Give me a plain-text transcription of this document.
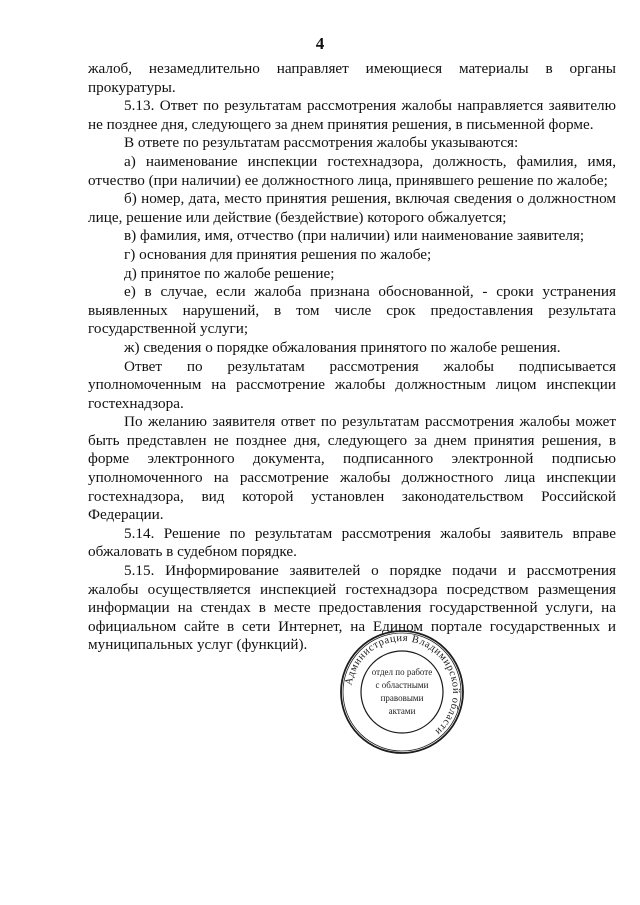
4

жалоб, незамедлительно направляет имеющиеся материалы в органы прокуратуры.

5.13. Ответ по результатам рассмотрения жалобы направляется заявителю не позднее дня, следующего за днем принятия решения, в письменной форме.

В ответе по результатам рассмотрения жалобы указываются:

а) наименование инспекции гостехнадзора, должность, фамилия, имя, отчество (при наличии) ее должностного лица, принявшего решение по жалобе;

б) номер, дата, место принятия решения, включая сведения о должностном лице, решение или действие (бездействие) которого обжалуется;

в) фамилия, имя, отчество (при наличии) или наименование заявителя;

г) основания для принятия решения по жалобе;

д) принятое по жалобе решение;

е) в случае, если жалоба признана обоснованной, - сроки устранения выявленных нарушений, в том числе срок предоставления результата государственной услуги;

ж) сведения о порядке обжалования принятого по жалобе решения.

Ответ по результатам рассмотрения жалобы подписывается уполномоченным на рассмотрение жалобы должностным лицом инспекции гостехнадзора.

По желанию заявителя ответ по результатам рассмотрения жалобы может быть представлен не позднее дня, следующего за днем принятия решения, в форме электронного документа, подписанного электронной подписью уполномоченного на рассмотрение жалобы должностного лица инспекции гостехнадзора, вид которой установлен законодательством Российской Федерации.

5.14. Решение по результатам рассмотрения жалобы заявитель вправе обжаловать в судебном порядке.

5.15. Информирование заявителей о порядке подачи и рассмотрения жалобы осуществляется инспекцией гостехнадзора посредством размещения информации на стендах в месте предоставления государственной услуги, на официальном сайте в сети Интернет, на Едином портале государственных и муниципальных услуг (функций).

Администрация Владимирской области
отдел по работе
с областными
правовыми
актами
